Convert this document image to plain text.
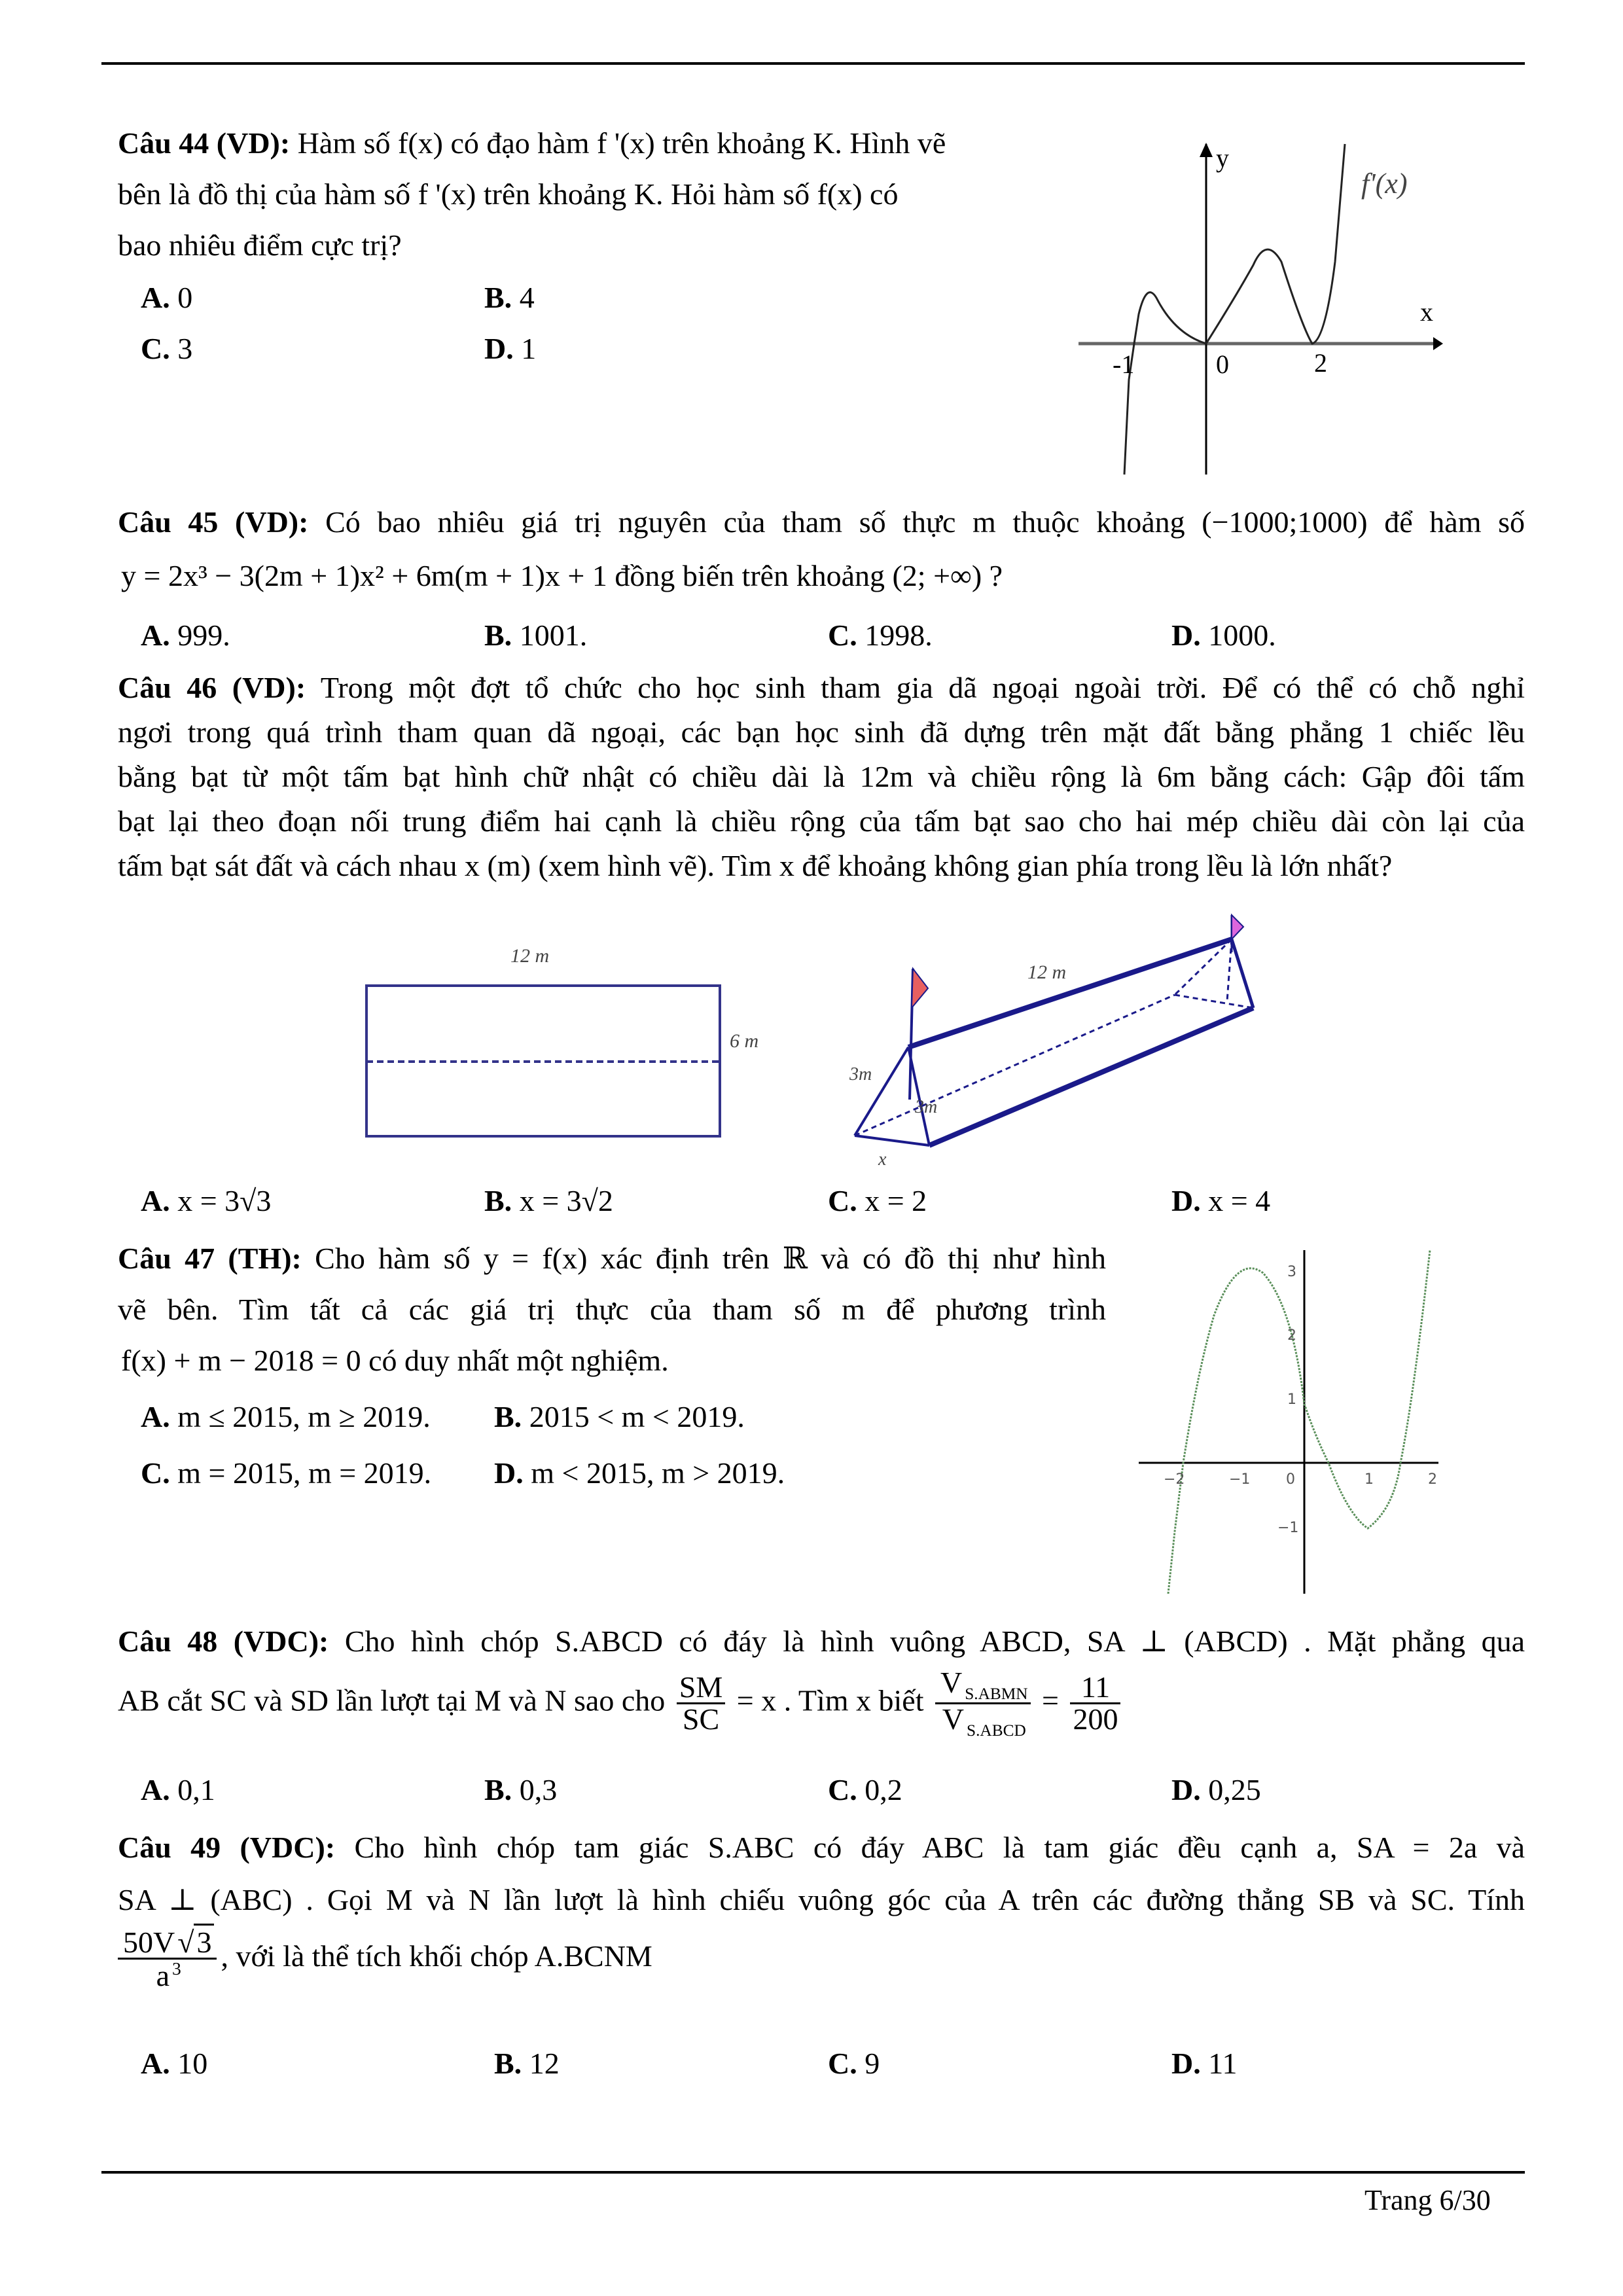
Câu 44 (VD): Hàm số f(x) có đạo hàm f '(x) trên khoảng K. Hình vẽ
bên là đồ thị của hàm số f '(x) trên khoảng K. Hỏi hàm số f(x) có
bao nhiêu điểm cực trị?
A. 0	B. 4
C. 3	D. 1
y
x
-1	0	2
f'(x)
Câu 45 (VD): Có bao nhiêu giá trị nguyên của tham số thực m thuộc khoảng (−1000;1000) để hàm số
y = 2x³ − 3(2m + 1)x² + 6m(m + 1)x + 1 đồng biến trên khoảng (2; +∞) ?
A. 999.	B. 1001.	C. 1998.	D. 1000.
Câu 46 (VD): Trong một đợt tổ chức cho học sinh tham gia dã ngoại ngoài trời. Để có thể có chỗ nghỉ
ngơi trong quá trình tham quan dã ngoại, các bạn học sinh đã dựng trên mặt đất bằng phẳng 1 chiếc lều
bằng bạt từ một tấm bạt hình chữ nhật có chiều dài là 12m và chiều rộng là 6m bằng cách: Gập đôi tấm
bạt lại theo đoạn nối trung điểm hai cạnh là chiều rộng của tấm bạt sao cho hai mép chiều dài còn lại của
tấm bạt sát đất và cách nhau x (m) (xem hình vẽ). Tìm x để khoảng không gian phía trong lều là lớn nhất?
12 m
6 m
12 m
3m
3m
x
A. x = 3√3	B. x = 3√2	C. x = 2	D. x = 4
Câu 47 (TH): Cho hàm số y = f(x) xác định trên ℝ và có đồ thị như hình
vẽ bên. Tìm tất cả các giá trị thực của tham số m để phương trình
f(x) + m − 2018 = 0 có duy nhất một nghiệm.
A. m ≤ 2015, m ≥ 2019. B. 2015 < m < 2019.
C. m = 2015, m = 2019. D. m < 2015, m > 2019.	−2	−1 0	1	2
3
2
1
−1
Câu 48 (VDC): Cho hình chóp S.ABCD có đáy là hình vuông ABCD, SA ⊥ (ABCD) . Mặt phẳng qua
AB cắt SC và SD lần lượt tại M và N sao cho $\frac{SM}{SC} = x$ . Tìm x biết $\frac{V _{S.ABMN}}{V _{S.ABCD}} = \frac{11}{200}$
A. 0,1	B. 0,3	C. 0,2	D. 0,25
Câu 49 (VDC): Cho hình chóp tam giác S.ABC có đáy ABC là tam giác đều cạnh a, SA = 2a và
SA ⊥ (ABC) . Gọi M và N lần lượt là hình chiếu vuông góc của A trên các đường thẳng SB và SC. Tính
$\frac{50V√3}{a ^3}$ , với là thể tích khối chóp A.BCNM
A. 10	B. 12	C. 9	D. 11
Trang 6/30
